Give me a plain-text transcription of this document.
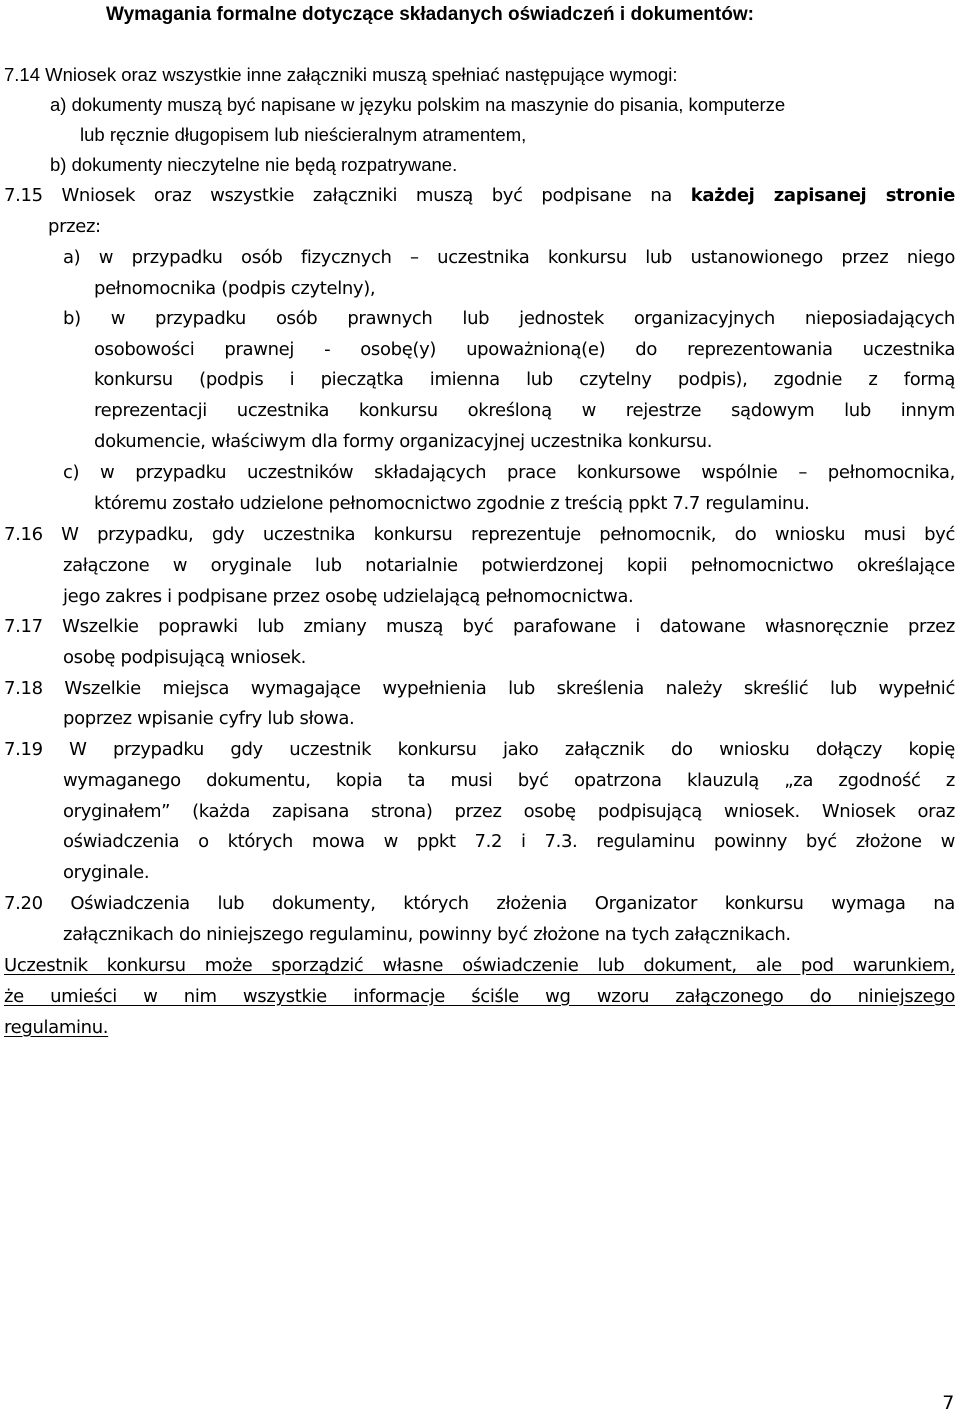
Wymagania formalne dotyczące składanych oświadczeń i dokumentów:
7.14 Wniosek oraz wszystkie inne załączniki muszą spełniać następujące wymogi:
a) dokumenty muszą być napisane w języku polskim na maszynie do pisania, komputerze
lub ręcznie długopisem lub nieścieralnym atramentem,
b) dokumenty nieczytelne nie będą rozpatrywane.
7.15 Wniosek oraz wszystkie załączniki muszą być podpisane na każdej zapisanej stronie
przez:
a) w przypadku osób fizycznych – uczestnika konkursu lub ustanowionego przez niego
pełnomocnika (podpis czytelny),
b) w przypadku osób prawnych lub jednostek organizacyjnych nieposiadających
osobowości prawnej - osobę(y) upoważnioną(e) do reprezentowania uczestnika
konkursu (podpis i pieczątka imienna lub czytelny podpis), zgodnie z formą
reprezentacji uczestnika konkursu określoną w rejestrze sądowym lub innym
dokumencie, właściwym dla formy organizacyjnej uczestnika konkursu.
c) w przypadku uczestników składających prace konkursowe wspólnie – pełnomocnika,
któremu zostało udzielone pełnomocnictwo zgodnie z treścią ppkt 7.7 regulaminu.
7.16 W przypadku, gdy uczestnika konkursu reprezentuje pełnomocnik, do wniosku musi być
załączone w oryginale lub notarialnie potwierdzonej kopii pełnomocnictwo określające
jego zakres i podpisane przez osobę udzielającą pełnomocnictwa.
7.17 Wszelkie poprawki lub zmiany muszą być parafowane i datowane własnoręcznie przez
osobę podpisującą wniosek.
7.18 Wszelkie miejsca wymagające wypełnienia lub skreślenia należy skreślić lub wypełnić
poprzez wpisanie cyfry lub słowa.
7.19 W przypadku gdy uczestnik konkursu jako załącznik do wniosku dołączy kopię
wymaganego dokumentu, kopia ta musi być opatrzona klauzulą „za zgodność z
oryginałem” (każda zapisana strona) przez osobę podpisującą wniosek. Wniosek oraz
oświadczenia o których mowa w ppkt 7.2 i 7.3. regulaminu powinny być złożone w
oryginale.
7.20 Oświadczenia lub dokumenty, których złożenia Organizator konkursu wymaga na
załącznikach do niniejszego regulaminu, powinny być złożone na tych załącznikach.
Uczestnik konkursu może sporządzić własne oświadczenie lub dokument, ale pod warunkiem,
że umieści w nim wszystkie informacje ściśle wg wzoru załączonego do niniejszego
regulaminu.
7
